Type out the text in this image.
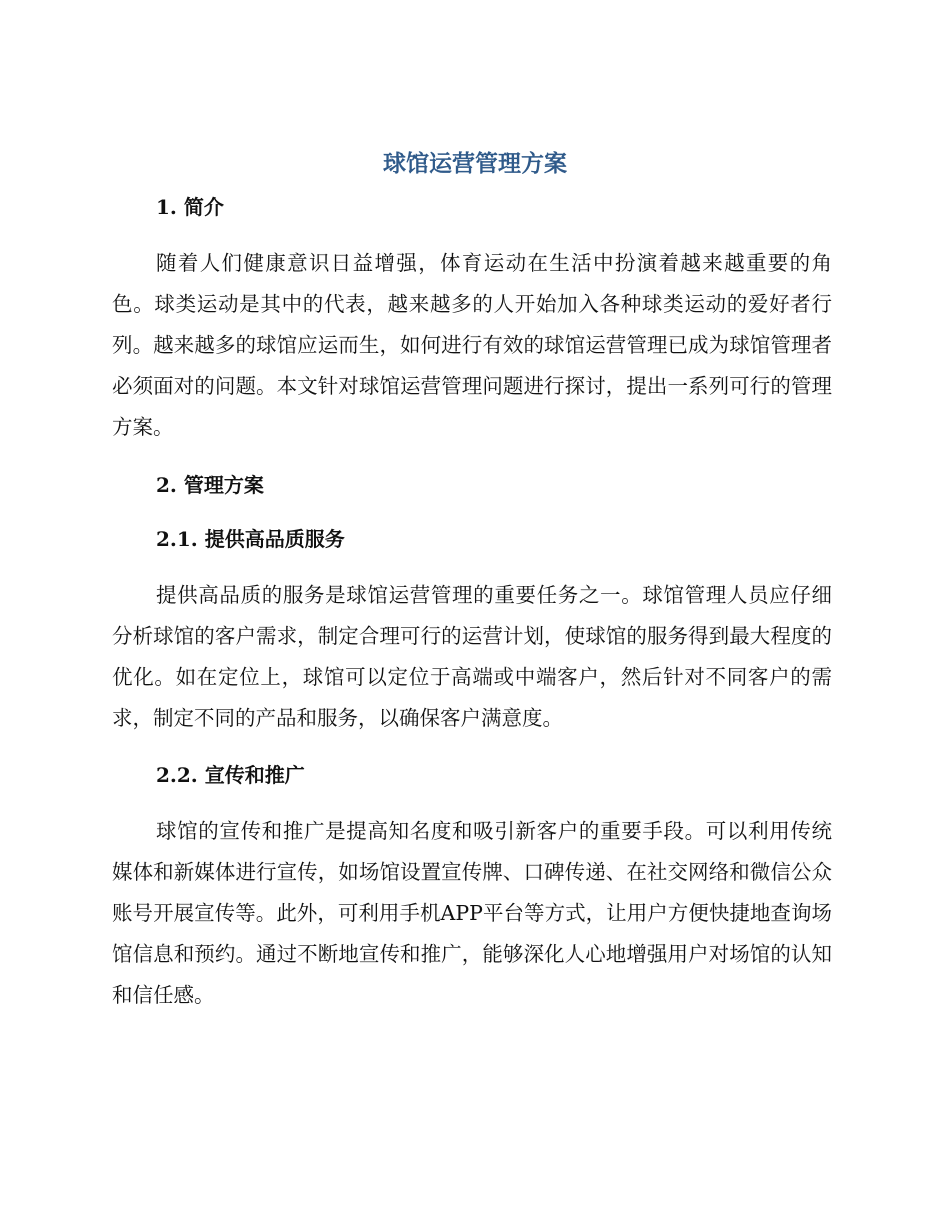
球馆运营管理方案
1. 简介

随着人们健康意识日益增强，体育运动在生活中扮演着越来越重要的角色。球类运动是其中的代表，越来越多的人开始加入各种球类运动的爱好者行列。越来越多的球馆应运而生，如何进行有效的球馆运营管理已成为球馆管理者必须面对的问题。本文针对球馆运营管理问题进行探讨，提出一系列可行的管理方案。

2. 管理方案
2.1. 提供高品质服务

提供高品质的服务是球馆运营管理的重要任务之一。球馆管理人员应仔细分析球馆的客户需求，制定合理可行的运营计划，使球馆的服务得到最大程度的优化。如在定位上，球馆可以定位于高端或中端客户，然后针对不同客户的需求，制定不同的产品和服务，以确保客户满意度。

2.2. 宣传和推广

球馆的宣传和推广是提高知名度和吸引新客户的重要手段。可以利用传统媒体和新媒体进行宣传，如场馆设置宣传牌、口碑传递、在社交网络和微信公众账号开展宣传等。此外，可利用手机APP平台等方式，让用户方便快捷地查询场馆信息和预约。通过不断地宣传和推广，能够深化人心地增强用户对场馆的认知和信任感。
